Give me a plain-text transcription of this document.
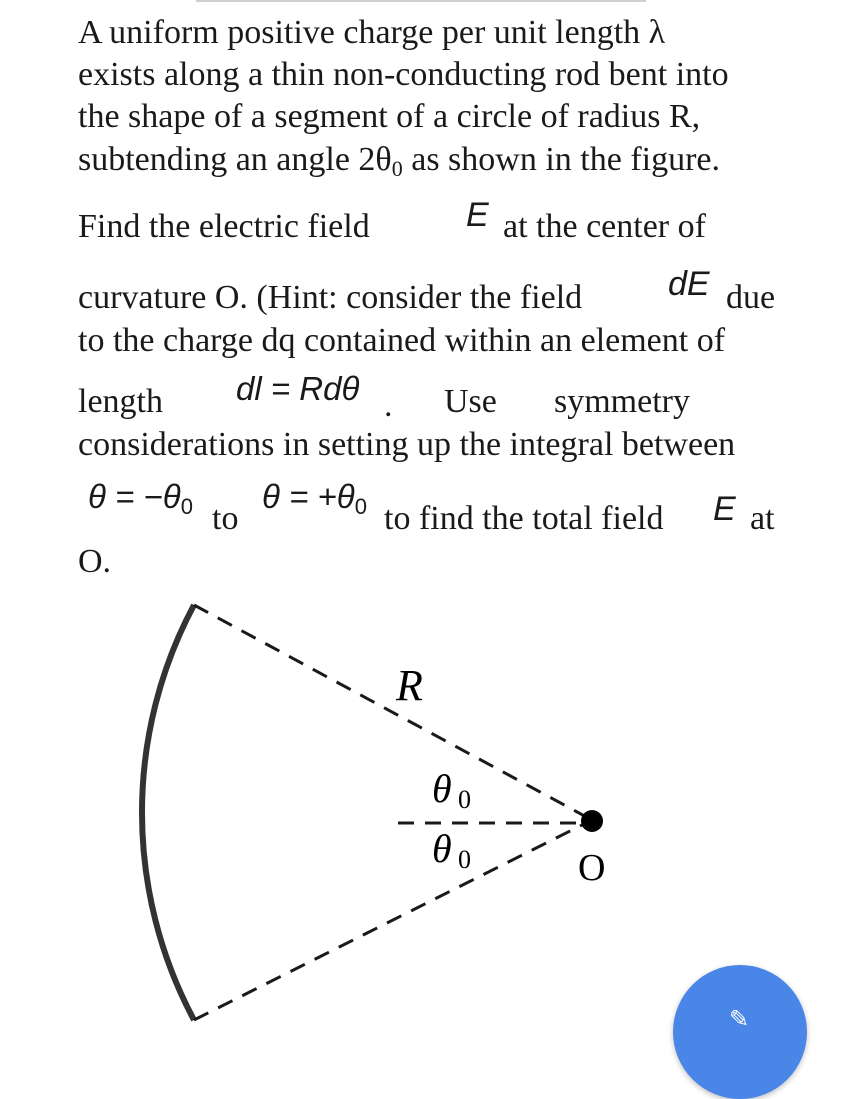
A uniform positive charge per unit length λ
exists along a thin non-conducting rod bent into
the shape of a segment of a circle of radius R,
subtending an angle $2\theta_0$ as shown in the figure.
Find the electric field	E at the center of
curvature O. (Hint: consider the field	dE due
to the charge dq contained within an element of
length dl = Rdθ . Use symmetry
considerations in setting up the integral between
$\theta = -\theta_0$ to
$\theta = +\theta_0$ to find the total field E at
O.
R
θ 0
θ 0	O
✎
